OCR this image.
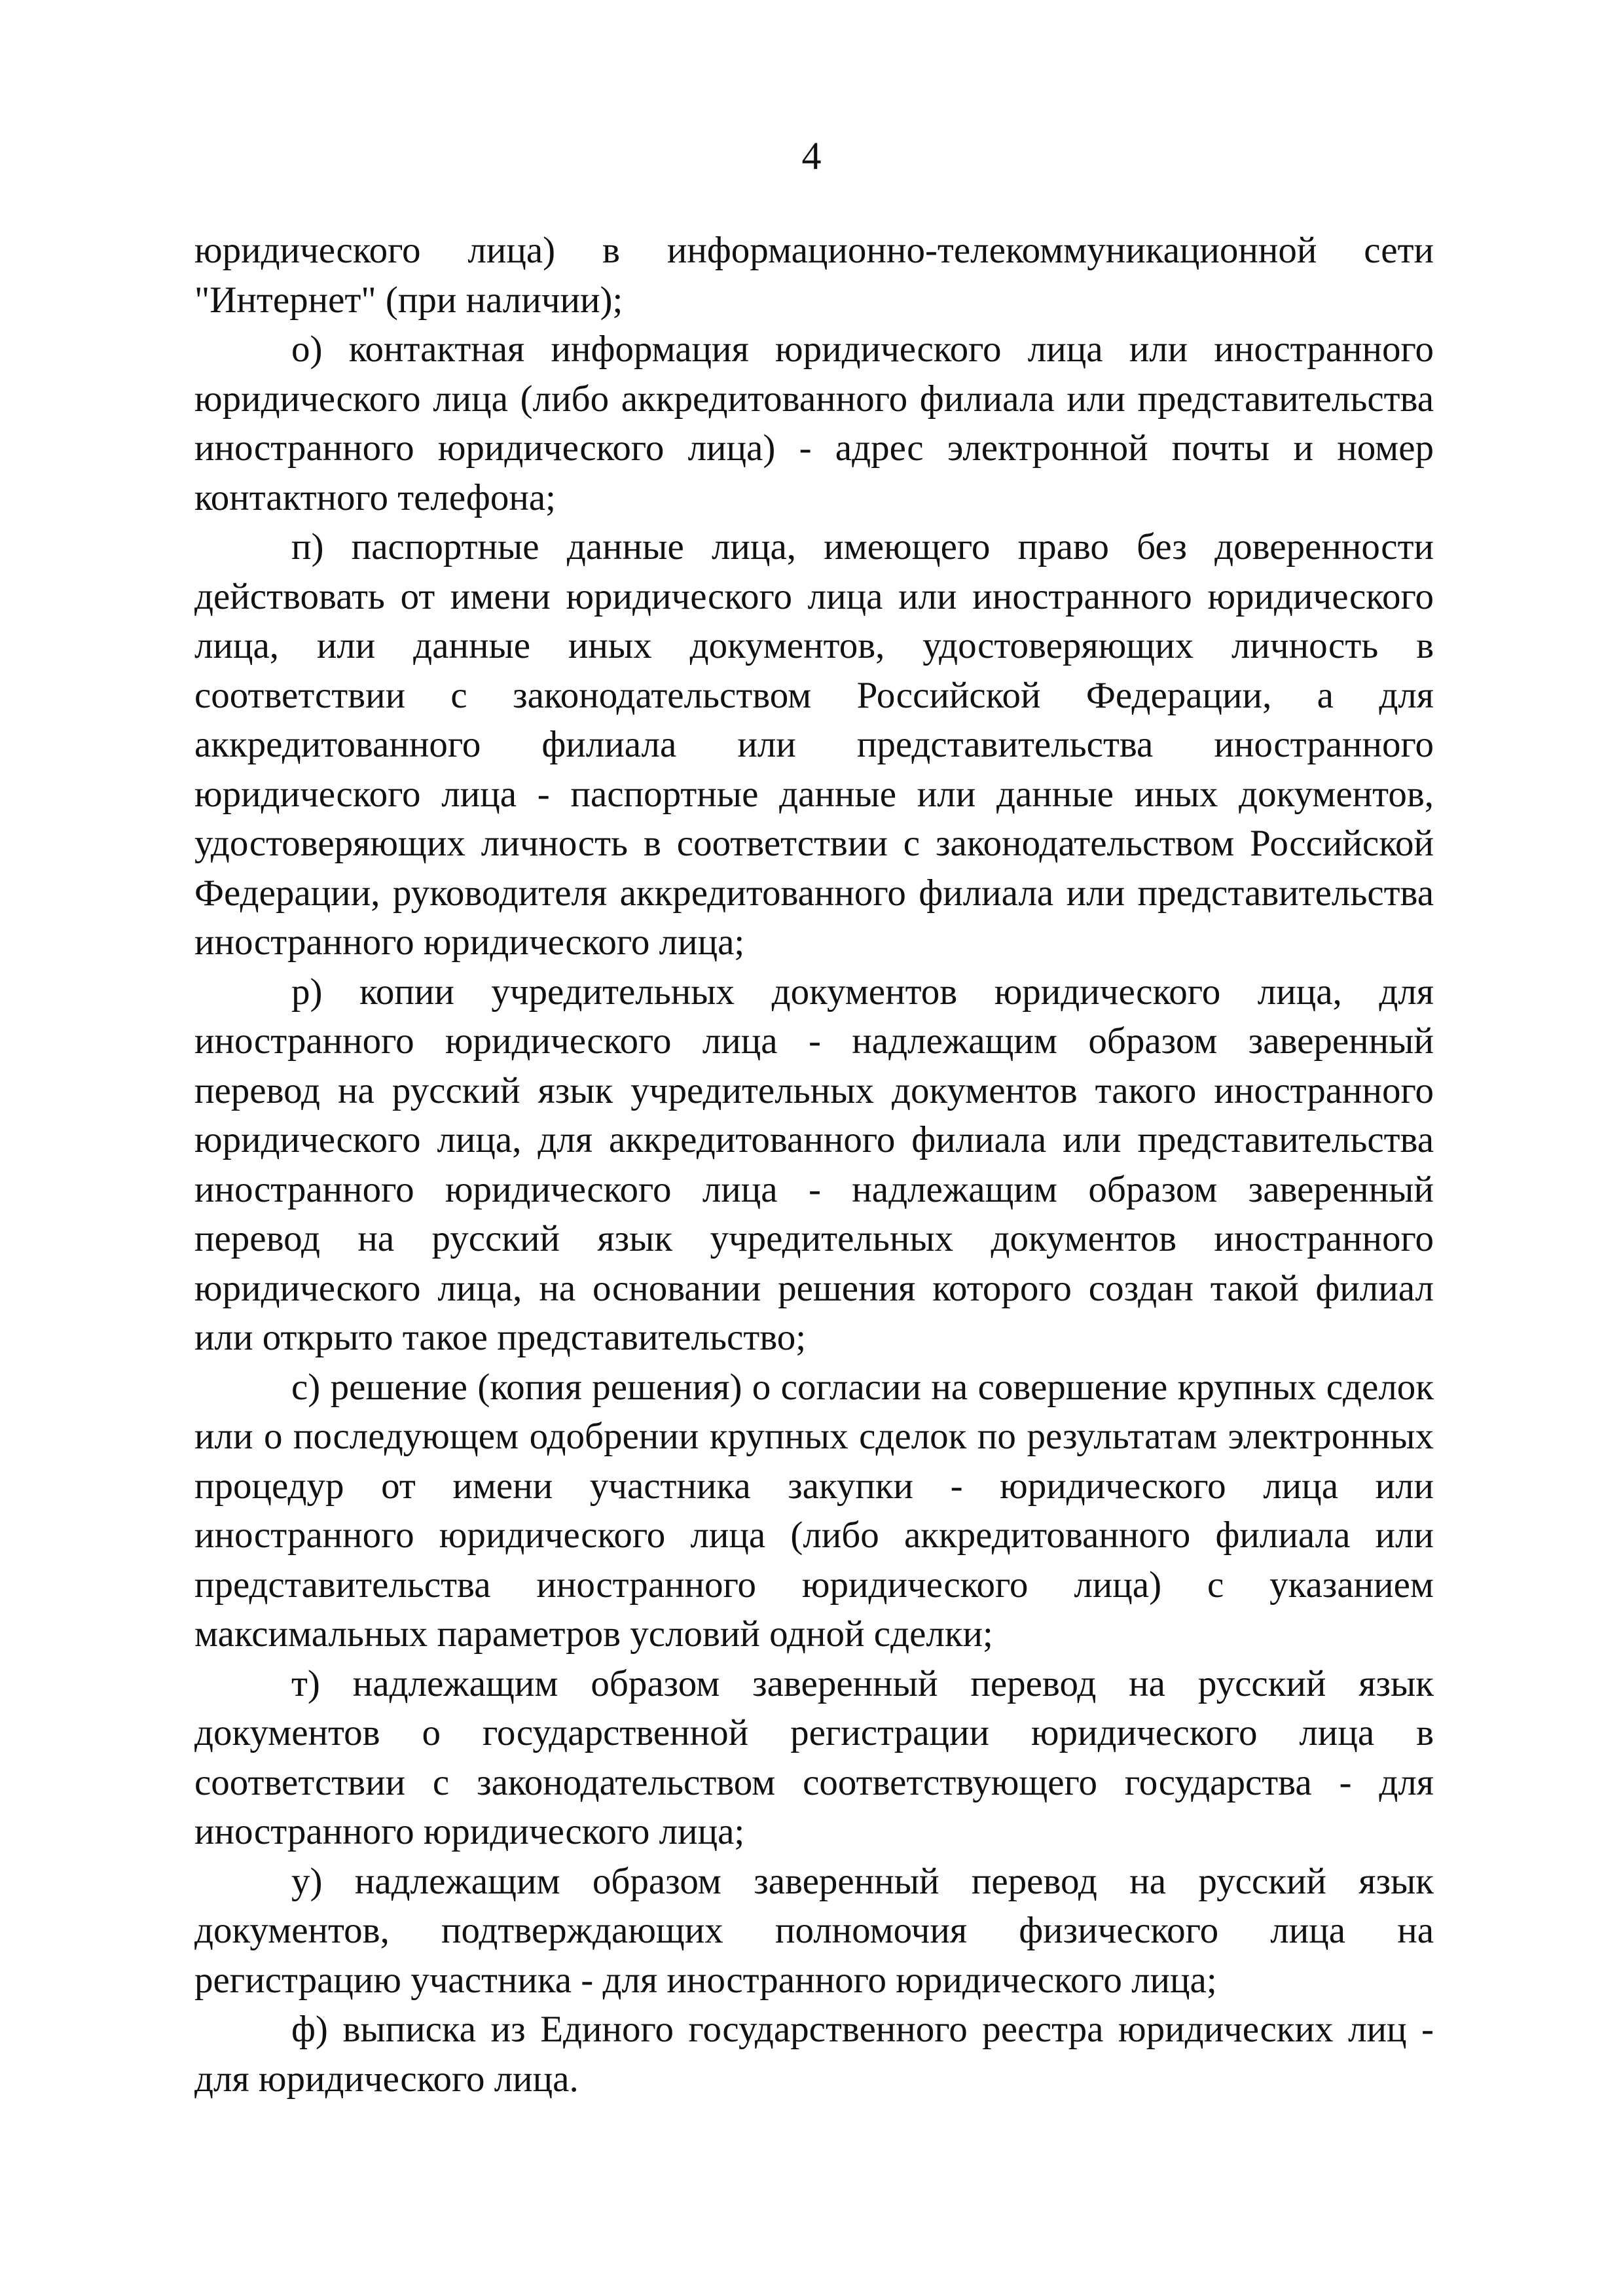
4

юридического лица) в информационно-телекоммуникационной сети "Интернет" (при наличии);

о) контактная информация юридического лица или иностранного юридического лица (либо аккредитованного филиала или представительства иностранного юридического лица) - адрес электронной почты и номер контактного телефона;

п) паспортные данные лица, имеющего право без доверенности действовать от имени юридического лица или иностранного юридического лица, или данные иных документов, удостоверяющих личность в соответствии с законодательством Российской Федерации, а для аккредитованного филиала или представительства иностранного юридического лица - паспортные данные или данные иных документов, удостоверяющих личность в соответствии с законодательством Российской Федерации, руководителя аккредитованного филиала или представительства иностранного юридического лица;

р) копии учредительных документов юридического лица, для иностранного юридического лица - надлежащим образом заверенный перевод на русский язык учредительных документов такого иностранного юридического лица, для аккредитованного филиала или представительства иностранного юридического лица - надлежащим образом заверенный перевод на русский язык учредительных документов иностранного юридического лица, на основании решения которого создан такой филиал или открыто такое представительство;

с) решение (копия решения) о согласии на совершение крупных сделок или о последующем одобрении крупных сделок по результатам электронных процедур от имени участника закупки - юридического лица или иностранного юридического лица (либо аккредитованного филиала или представительства иностранного юридического лица) с указанием максимальных параметров условий одной сделки;

т) надлежащим образом заверенный перевод на русский язык документов о государственной регистрации юридического лица в соответствии с законодательством соответствующего государства - для иностранного юридического лица;

у) надлежащим образом заверенный перевод на русский язык документов, подтверждающих полномочия физического лица на регистрацию участника - для иностранного юридического лица;

ф) выписка из Единого государственного реестра юридических лиц - для юридического лица.
